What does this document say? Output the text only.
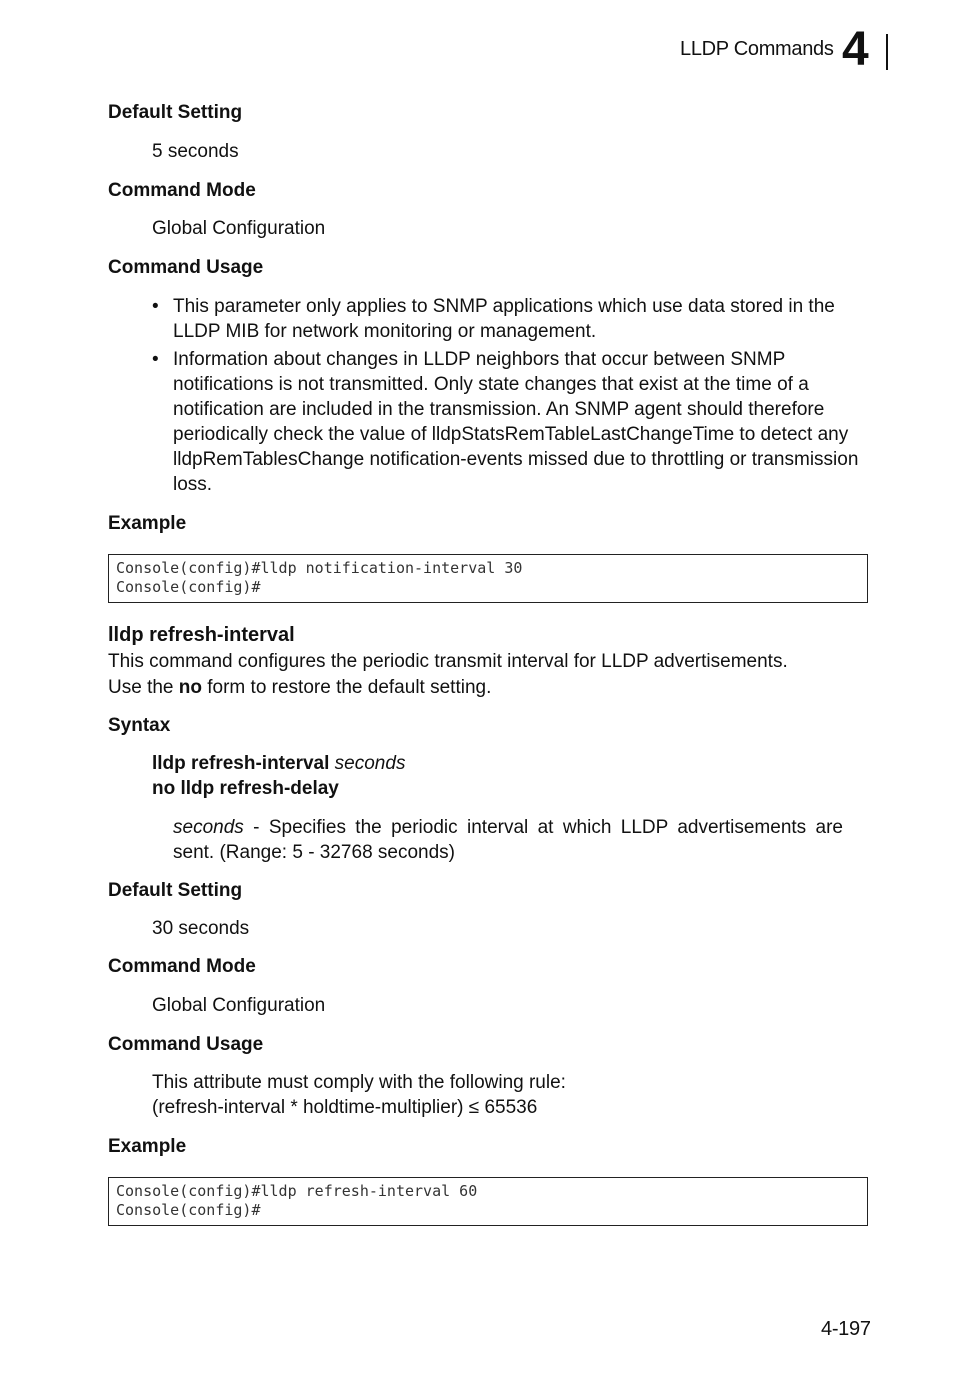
LLDP Commands 4
Default Setting
5 seconds
Command Mode
Global Configuration
Command Usage
• This parameter only applies to SNMP applications which use data stored in the LLDP MIB for network monitoring or management.
• Information about changes in LLDP neighbors that occur between SNMP notifications is not transmitted. Only state changes that exist at the time of a notification are included in the transmission. An SNMP agent should therefore periodically check the value of lldpStatsRemTableLastChangeTime to detect any lldpRemTablesChange notification-events missed due to throttling or transmission loss.
Example
Console(config)#lldp notification-interval 30
Console(config)#
lldp refresh-interval
This command configures the periodic transmit interval for LLDP advertisements.
Use the no form to restore the default setting.
Syntax
lldp refresh-interval seconds
no lldp refresh-delay
seconds - Specifies the periodic interval at which LLDP advertisements are sent. (Range: 5 - 32768 seconds)
Default Setting
30 seconds
Command Mode
Global Configuration
Command Usage
This attribute must comply with the following rule:
(refresh-interval * holdtime-multiplier) ≤ 65536
Example
Console(config)#lldp refresh-interval 60
Console(config)#
4-197
